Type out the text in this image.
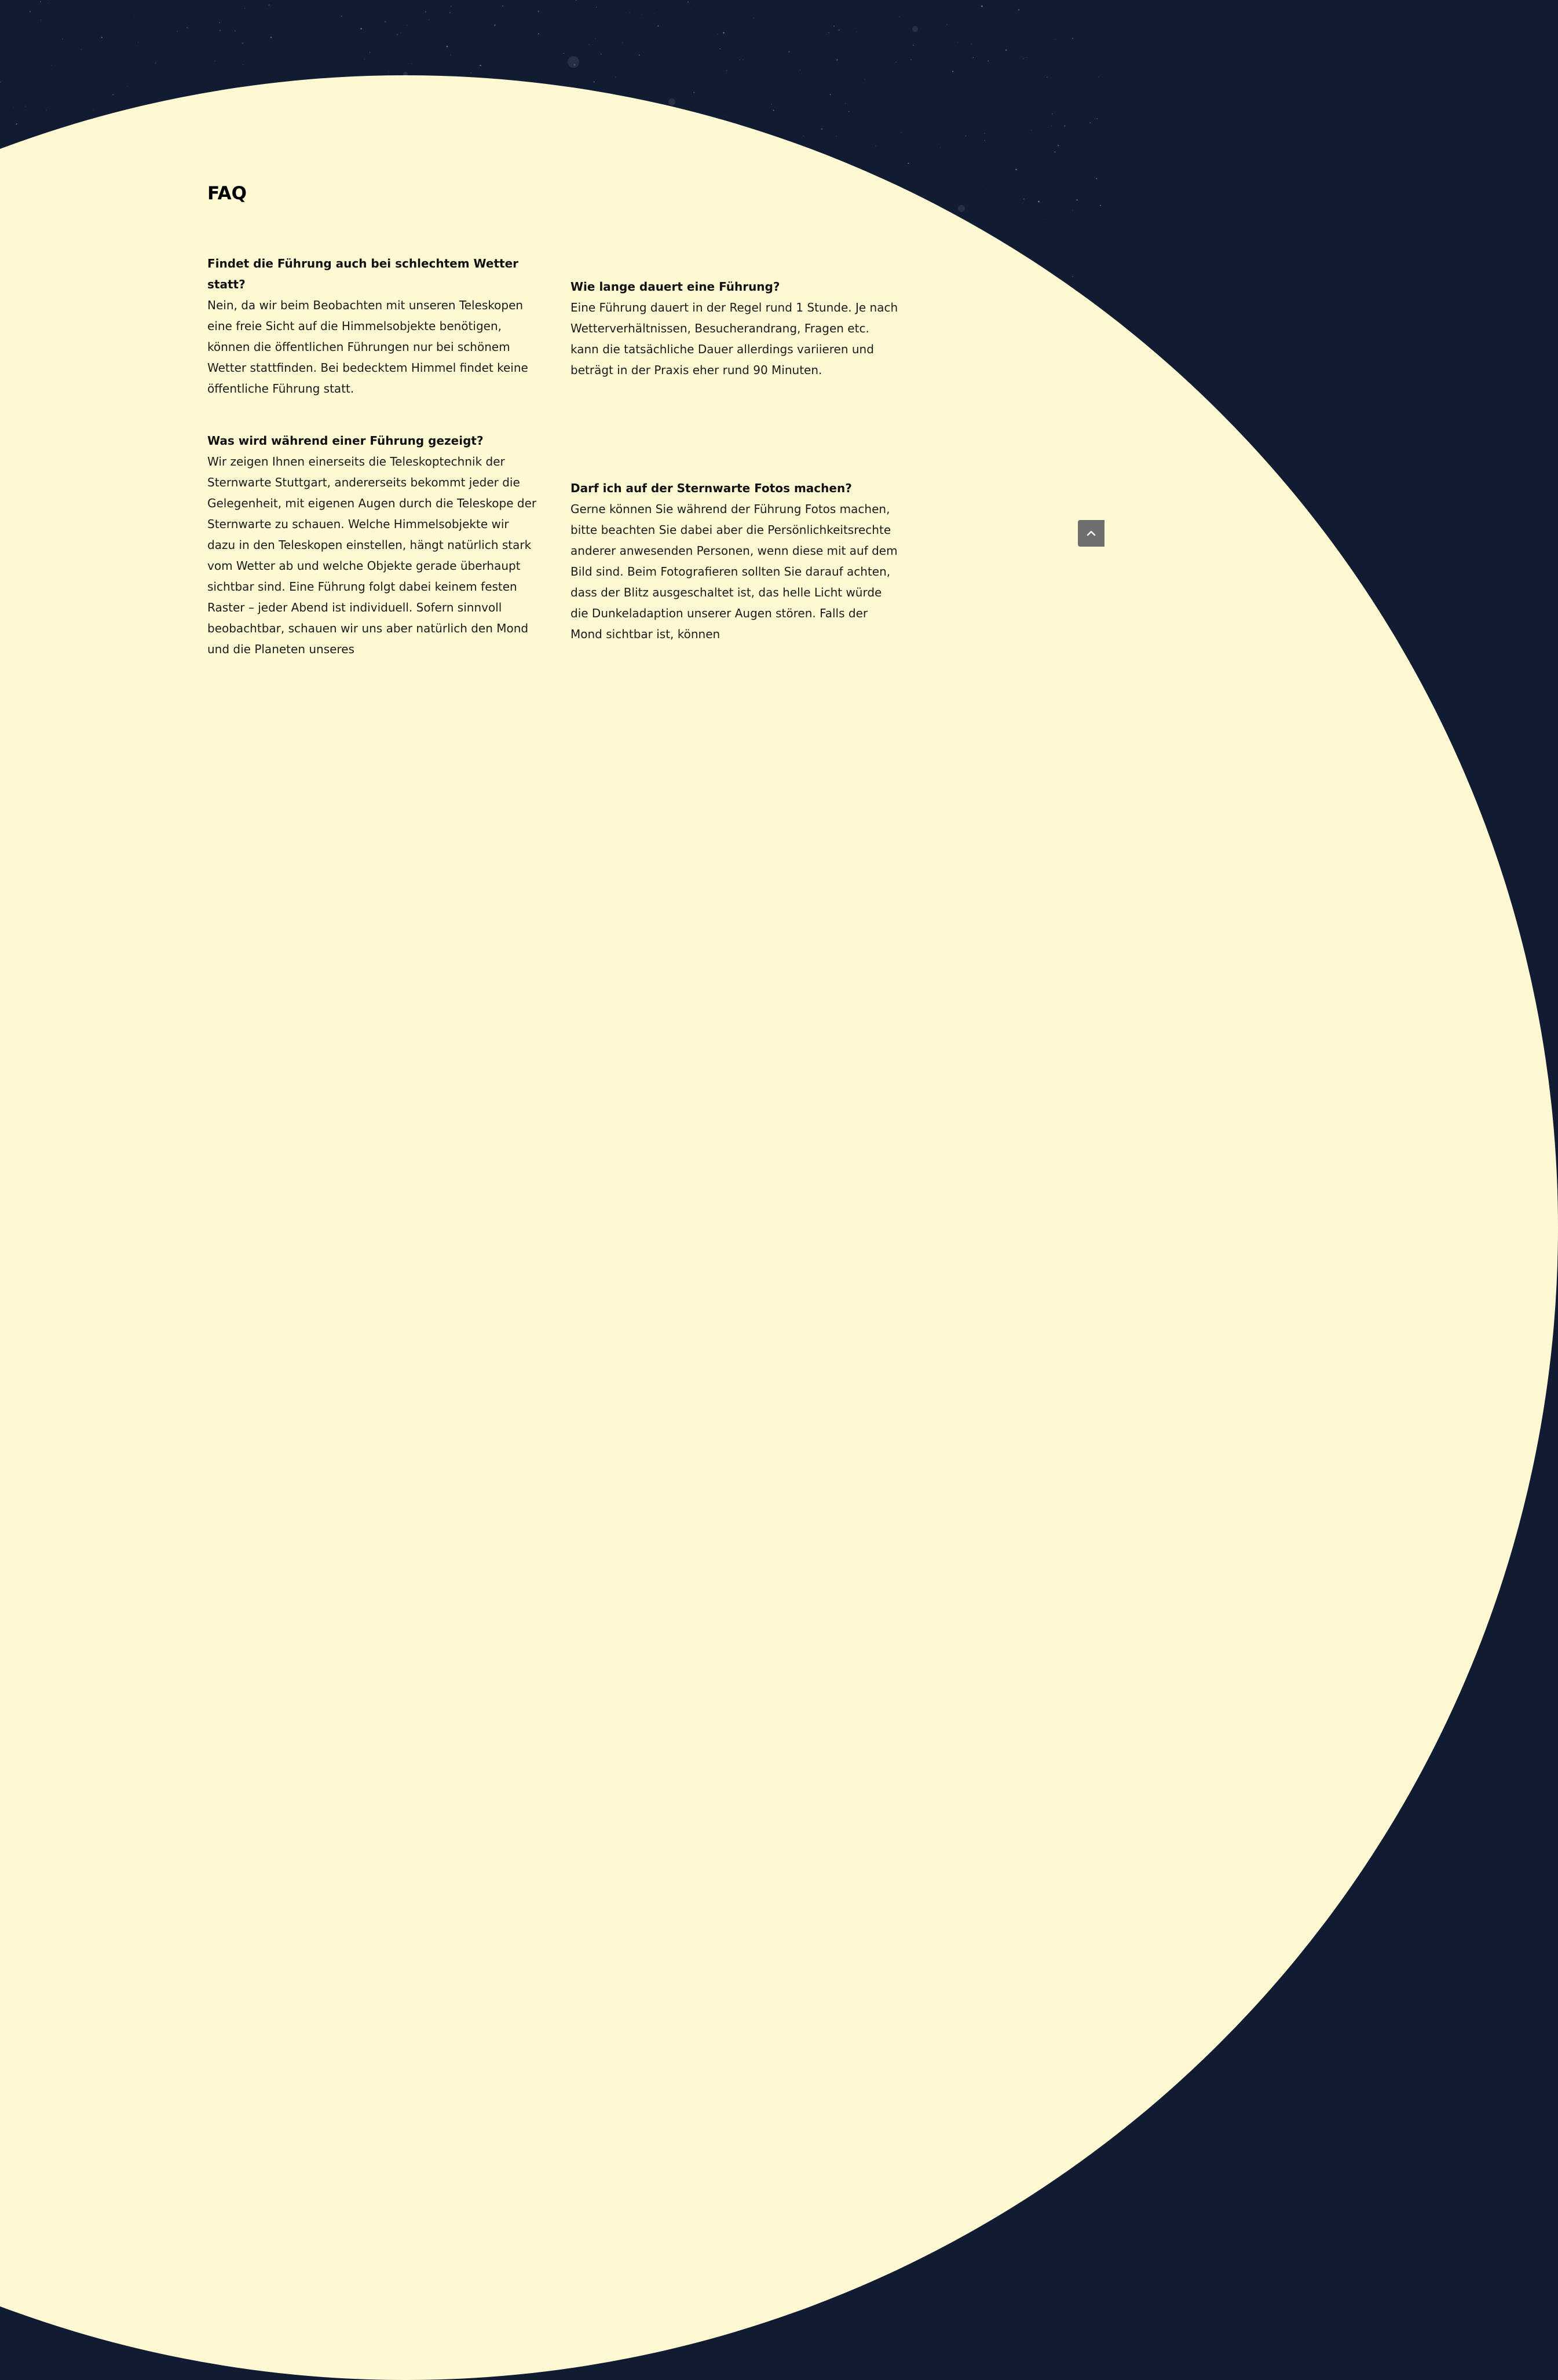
FAQ

Findet die Führung auch bei schlechtem Wetter statt?

Nein, da wir beim Beobachten mit unseren Teleskopen eine freie Sicht auf die Himmelsobjekte benötigen, können die öffentlichen Führungen nur bei schönem Wetter stattfinden. Bei bedecktem Himmel findet keine öffentliche Führung statt.

Wie lange dauert eine Führung?

Eine Führung dauert in der Regel rund 1 Stunde. Je nach Wetterverhältnissen, Besucherandrang, Fragen etc. kann die tatsächliche Dauer allerdings variieren und beträgt in der Praxis eher rund 90 Minuten.

Was wird während einer Führung gezeigt?

Wir zeigen Ihnen einerseits die Teleskoptechnik der Sternwarte Stuttgart, andererseits bekommt jeder die Gelegenheit, mit eigenen Augen durch die Teleskope der Sternwarte zu schauen. Welche Himmelsobjekte wir dazu in den Teleskopen einstellen, hängt natürlich stark vom Wetter ab und welche Objekte gerade überhaupt sichtbar sind. Eine Führung folgt dabei keinem festen Raster – jeder Abend ist individuell. Sofern sinnvoll beobachtbar, schauen wir uns aber natürlich den Mond und die Planeten unseres

Darf ich auf der Sternwarte Fotos machen?

Gerne können Sie während der Führung Fotos machen, bitte beachten Sie dabei aber die Persönlichkeitsrechte anderer anwesenden Personen, wenn diese mit auf dem Bild sind. Beim Fotografieren sollten Sie darauf achten, dass der Blitz ausgeschaltet ist, das helle Licht würde die Dunkeladaption unserer Augen stören. Falls der Mond sichtbar ist, können
